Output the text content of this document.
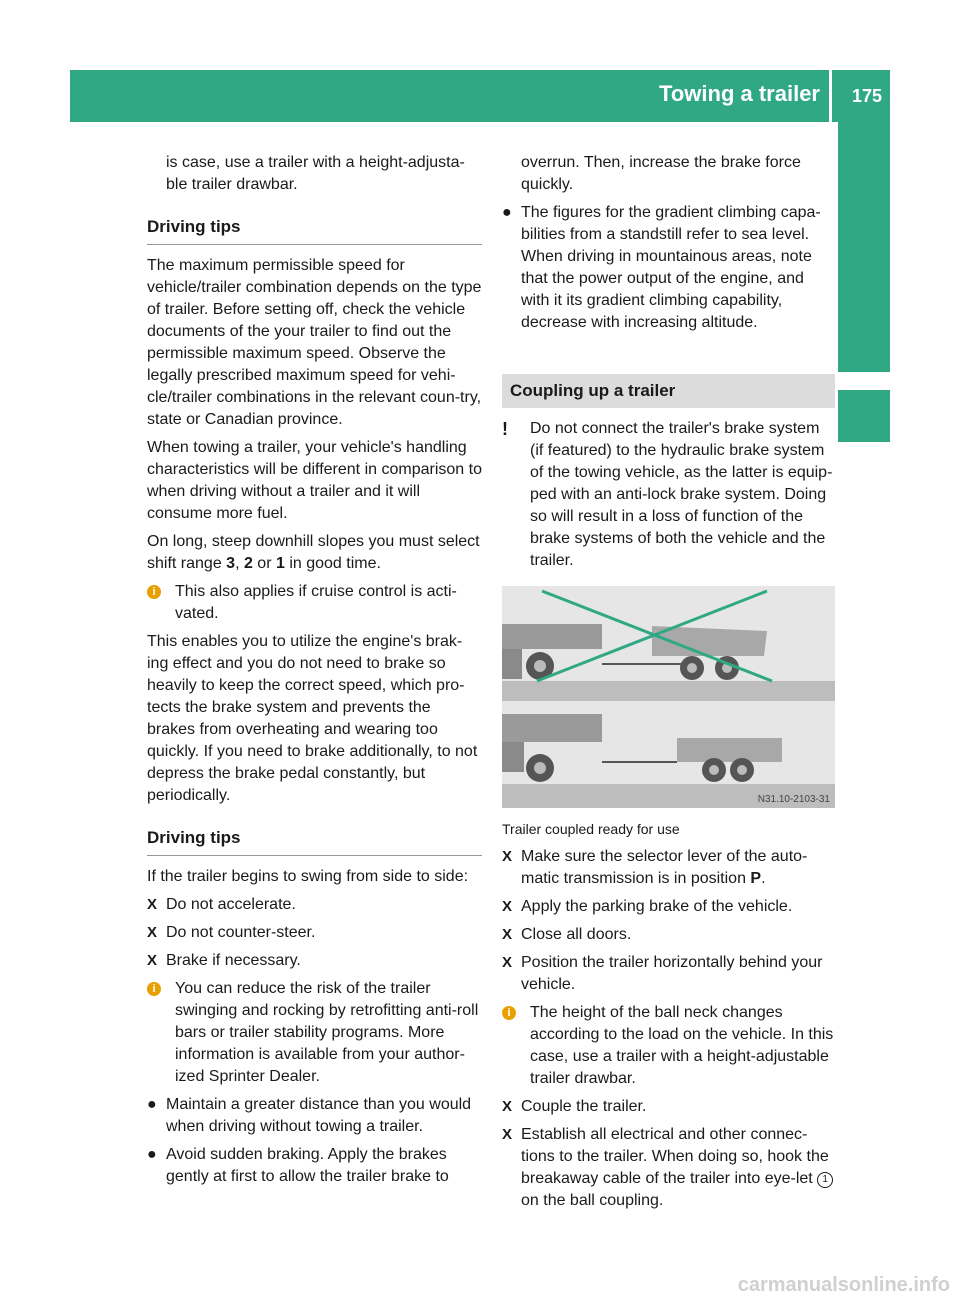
Towing a trailer 175
Driving and parking

is case, use a trailer with a height-adjusta-ble trailer drawbar.

Driving tips

The maximum permissible speed for vehicle/trailer combination depends on the type of trailer. Before setting off, check the vehicle documents of the your trailer to find out the permissible maximum speed. Observe the legally prescribed maximum speed for vehi-cle/trailer combinations in the relevant coun-try, state or Canadian province.

When towing a trailer, your vehicle's handling characteristics will be different in comparison to when driving without a trailer and it will consume more fuel.

On long, steep downhill slopes you must select shift range 3, 2 or 1 in good time.

i	This also applies if cruise control is acti-vated.

This enables you to utilize the engine's brak-ing effect and you do not need to brake so heavily to keep the correct speed, which pro-tects the brake system and prevents the brakes from overheating and wearing too quickly. If you need to brake additionally, to not depress the brake pedal constantly, but periodically.

Driving tips

If the trailer begins to swing from side to side:

X Do not accelerate.
X Do not counter-steer.
X Brake if necessary.
i	You can reduce the risk of the trailer swinging and rocking by retrofitting anti-roll bars or trailer stability programs. More information is available from your author-ized Sprinter Dealer.
● Maintain a greater distance than you would when driving without towing a trailer.
● Avoid sudden braking. Apply the brakes gently at first to allow the trailer brake to

overrun. Then, increase the brake force quickly.

● The figures for the gradient climbing capa-bilities from a standstill refer to sea level. When driving in mountainous areas, note that the power output of the engine, and with it its gradient climbing capability, decrease with increasing altitude.
Coupling up a trailer
! Do not connect the trailer's brake system (if featured) to the hydraulic brake system of the towing vehicle, as the latter is equip-ped with an anti-lock brake system. Doing so will result in a loss of function of the brake systems of both the vehicle and the trailer.
N31.10-2103-31
Trailer coupled ready for use
X Make sure the selector lever of the auto-matic transmission is in position P.
X Apply the parking brake of the vehicle.
X Close all doors.
X Position the trailer horizontally behind your vehicle.
i	The height of the ball neck changes according to the load on the vehicle. In this case, use a trailer with a height-adjustable trailer drawbar.
X Couple the trailer.
X Establish all electrical and other connec-tions to the trailer. When doing so, hook the breakaway cable of the trailer into eye-let 1 on the ball coupling.
carmanualsonline.info
